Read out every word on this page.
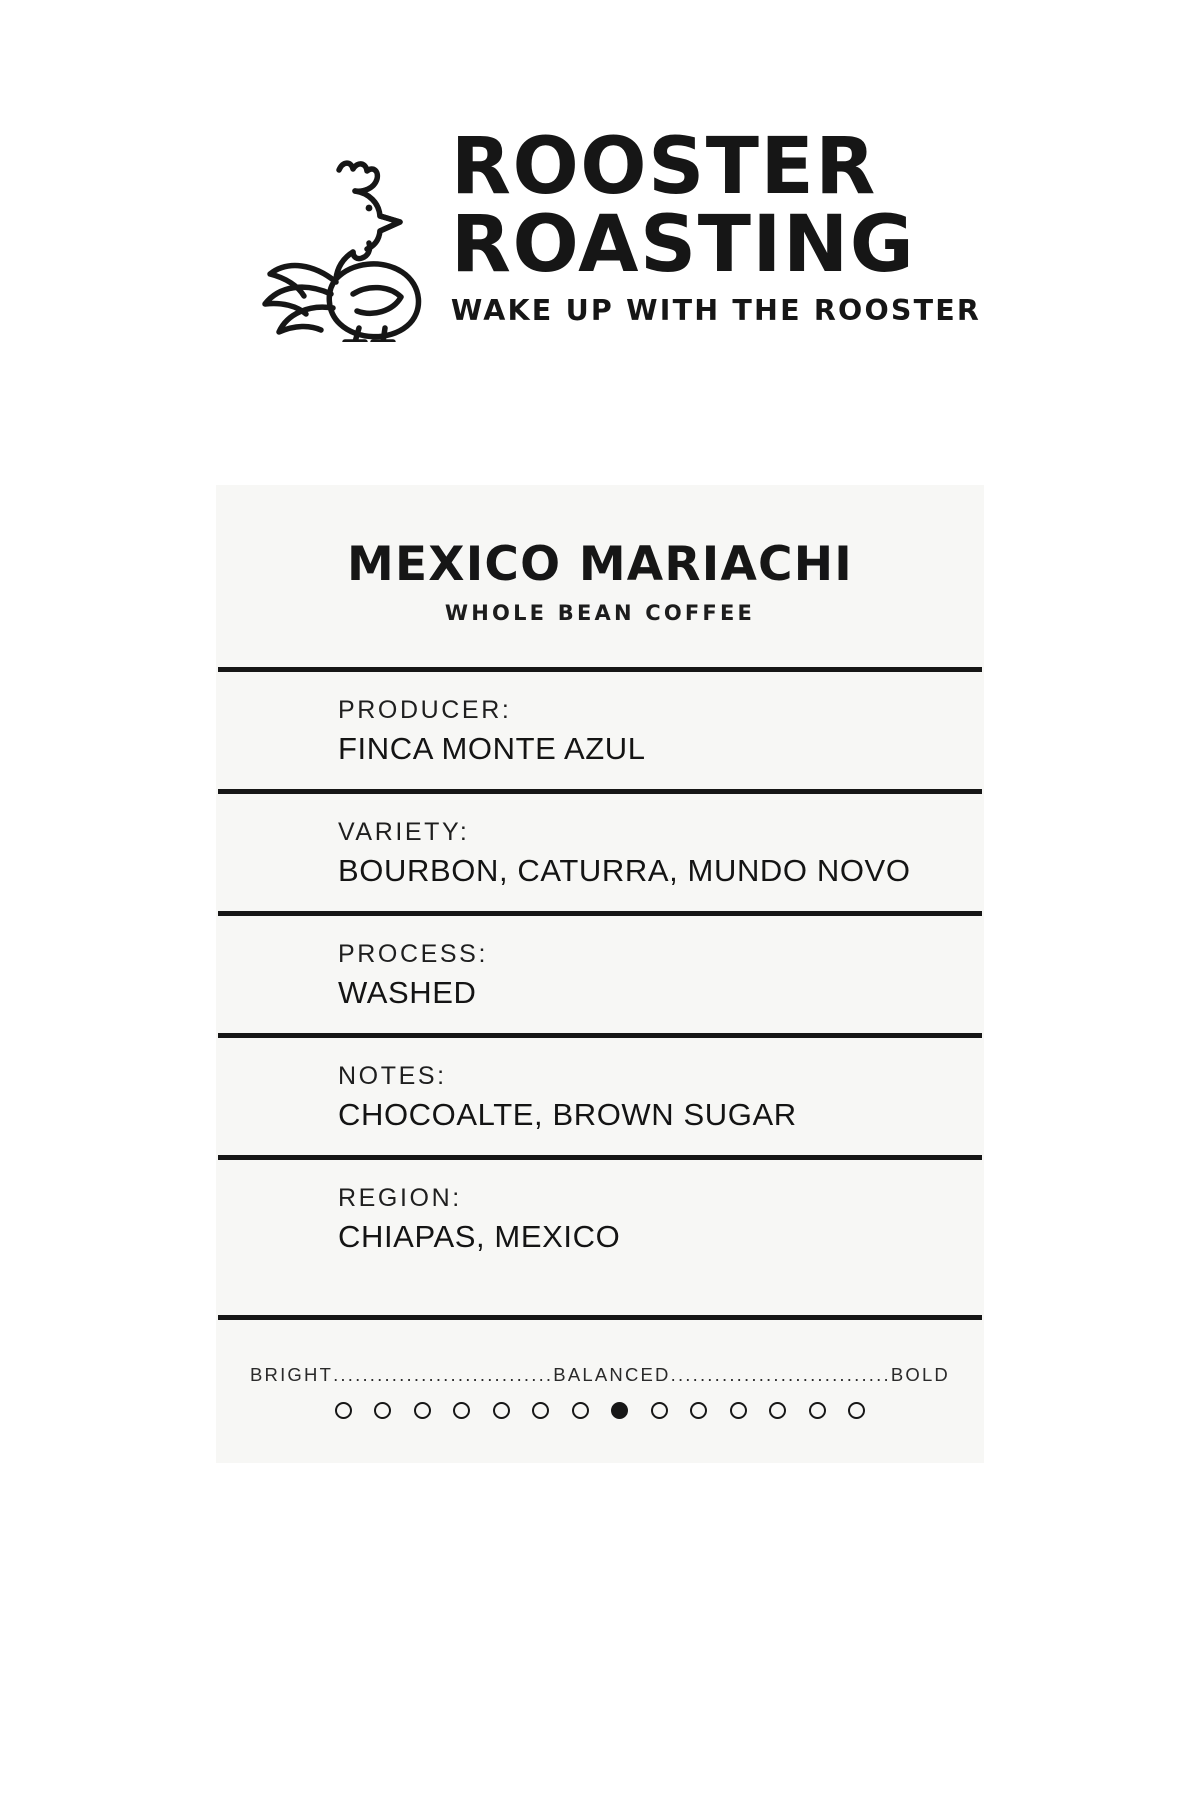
ROOSTER
ROASTING
WAKE UP WITH THE ROOSTER
MEXICO MARIACHI
WHOLE BEAN COFFEE
PRODUCER:
FINCA MONTE AZUL
VARIETY:
BOURBON, CATURRA, MUNDO NOVO
PROCESS:
WASHED
NOTES:
CHOCOALTE, BROWN SUGAR
REGION:
CHIAPAS, MEXICO
BRIGHT .............................. BALANCED .............................. BOLD
